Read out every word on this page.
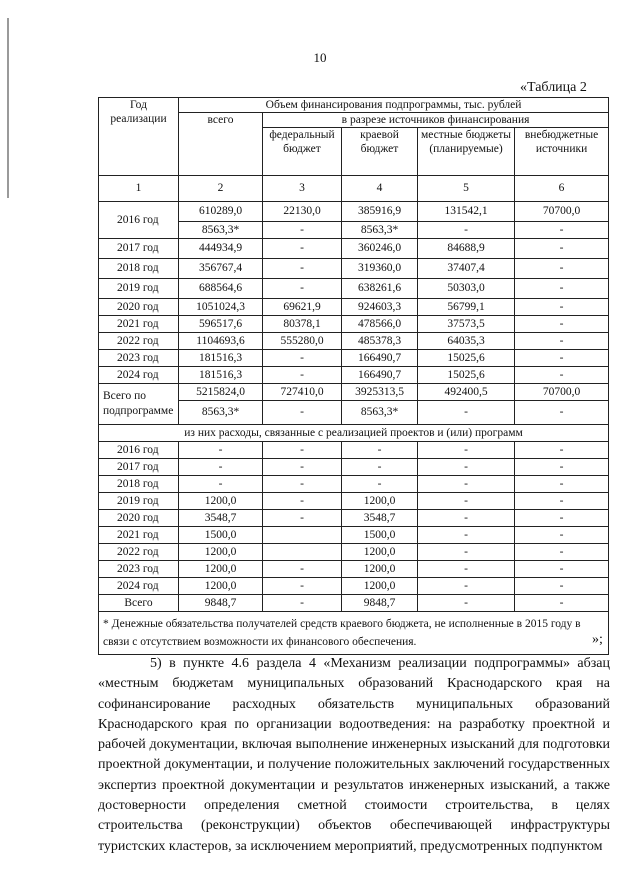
10
«Таблица 2
Год реализации	Объем финансирования подпрограммы, тыс. рублей				
	всего	в разрезе источников финансирования			
		федеральный бюджет	краевой бюджет	местные бюджеты (планируемые)	внебюджетные источники
1	2	3	4	5	6
2016 год	610289,0	22130,0	385916,9	131542,1	70700,0
	8563,3*	-	8563,3*	-	-
2017 год	444934,9	-	360246,0	84688,9	-
2018 год	356767,4	-	319360,0	37407,4	-
2019 год	688564,6	-	638261,6	50303,0	-
2020 год	1051024,3	69621,9	924603,3	56799,1	-
2021 год	596517,6	80378,1	478566,0	37573,5	-
2022 год	1104693,6	555280,0	485378,3	64035,3	-
2023 год	181516,3	-	166490,7	15025,6	-
2024 год	181516,3	-	166490,7	15025,6	-
Всего по подпрограмме	5215824,0	727410,0	3925313,5	492400,5	70700,0
	8563,3*	-	8563,3*	-	-
из них расходы, связанные с реализацией проектов и (или) программ					
2016 год	-	-	-	-	-
2017 год	-	-	-	-	-
2018 год	-	-	-	-	-
2019 год	1200,0	-	1200,0	-	-
2020 год	3548,7	-	3548,7	-	-
2021 год	1500,0		1500,0	-	-
2022 год	1200,0		1200,0	-	-
2023 год	1200,0	-	1200,0	-	-
2024 год	1200,0	-	1200,0	-	-
Всего	9848,7	-	9848,7	-	-
* Денежные обязательства получателей средств краевого бюджета, не исполненные в 2015 году в связи с отсутствием возможности их финансового обеспечения.						»;
5) в пункте 4.6 раздела 4 «Механизм реализации подпрограммы» абзац «местным бюджетам муниципальных образований Краснодарского края на софинансирование расходных обязательств муниципальных образований Краснодарского края по организации водоотведения: на разработку проектной и рабочей документации, включая выполнение инженерных изысканий для подготовки проектной документации, и получение положительных заключений государственных экспертиз проектной документации и результатов инженерных изысканий, а также достоверности определения сметной стоимости строительства, в целях строительства (реконструкции) объектов обеспечивающей инфраструктуры туристских кластеров, за исключением мероприятий, предусмотренных подпунктом
